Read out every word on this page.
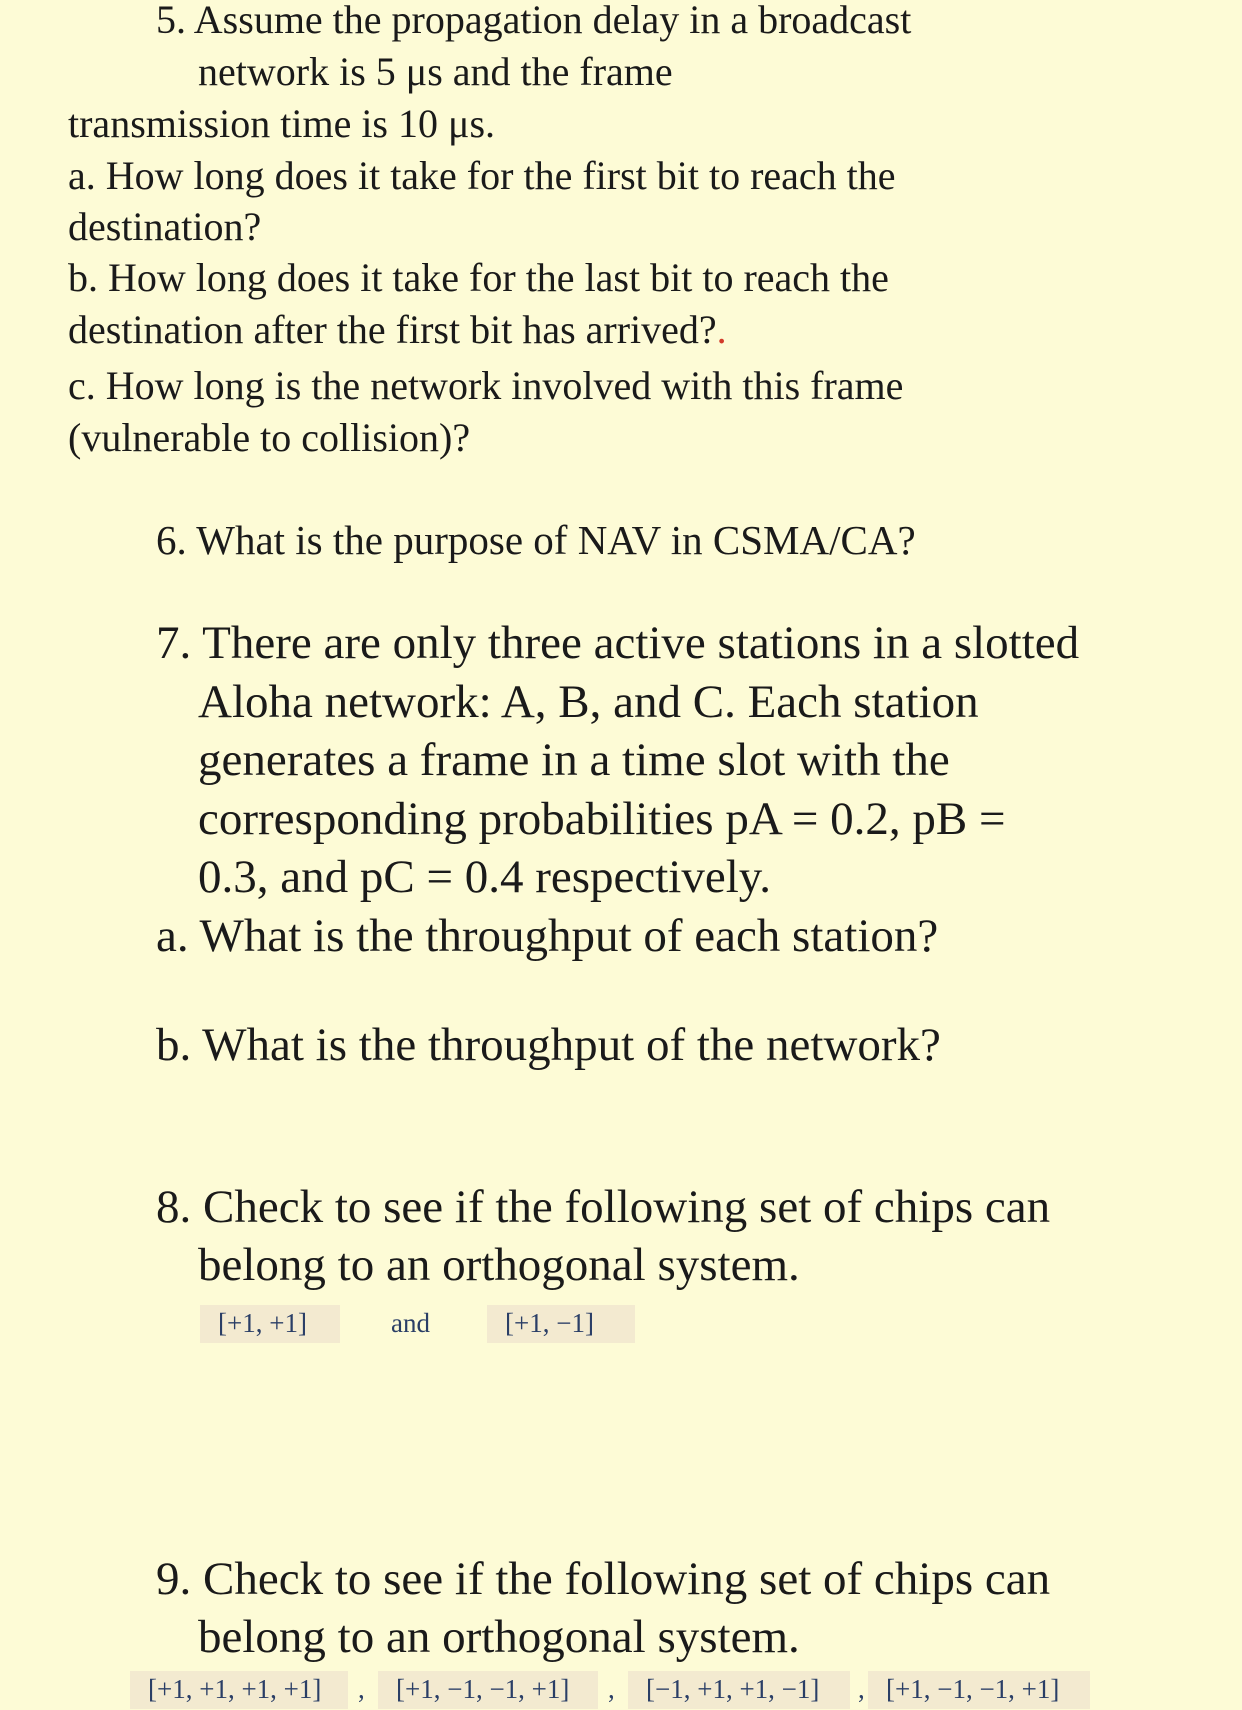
5. Assume the propagation delay in a broadcast

network is 5 μs and the frame

transmission time is 10 μs.

a. How long does it take for the first bit to reach the

destination?

b. How long does it take for the last bit to reach the

destination after the first bit has arrived?.

c. How long is the network involved with this frame

(vulnerable to collision)?

6. What is the purpose of NAV in CSMA/CA?

7. There are only three active stations in a slotted

Aloha network: A, B, and C. Each station

generates a frame in a time slot with the

corresponding probabilities pA = 0.2, pB =

0.3, and pC = 0.4 respectively.

a. What is the throughput of each station?

b. What is the throughput of the network?

8. Check to see if the following set of chips can

belong to an orthogonal system.

[+1, +1]	and	[+1, −1]

9. Check to see if the following set of chips can

belong to an orthogonal system.

[+1, +1, +1, +1]	,	[+1, −1, −1, +1]	,	[−1, +1, +1, −1]	, [+1, −1, −1, +1]
